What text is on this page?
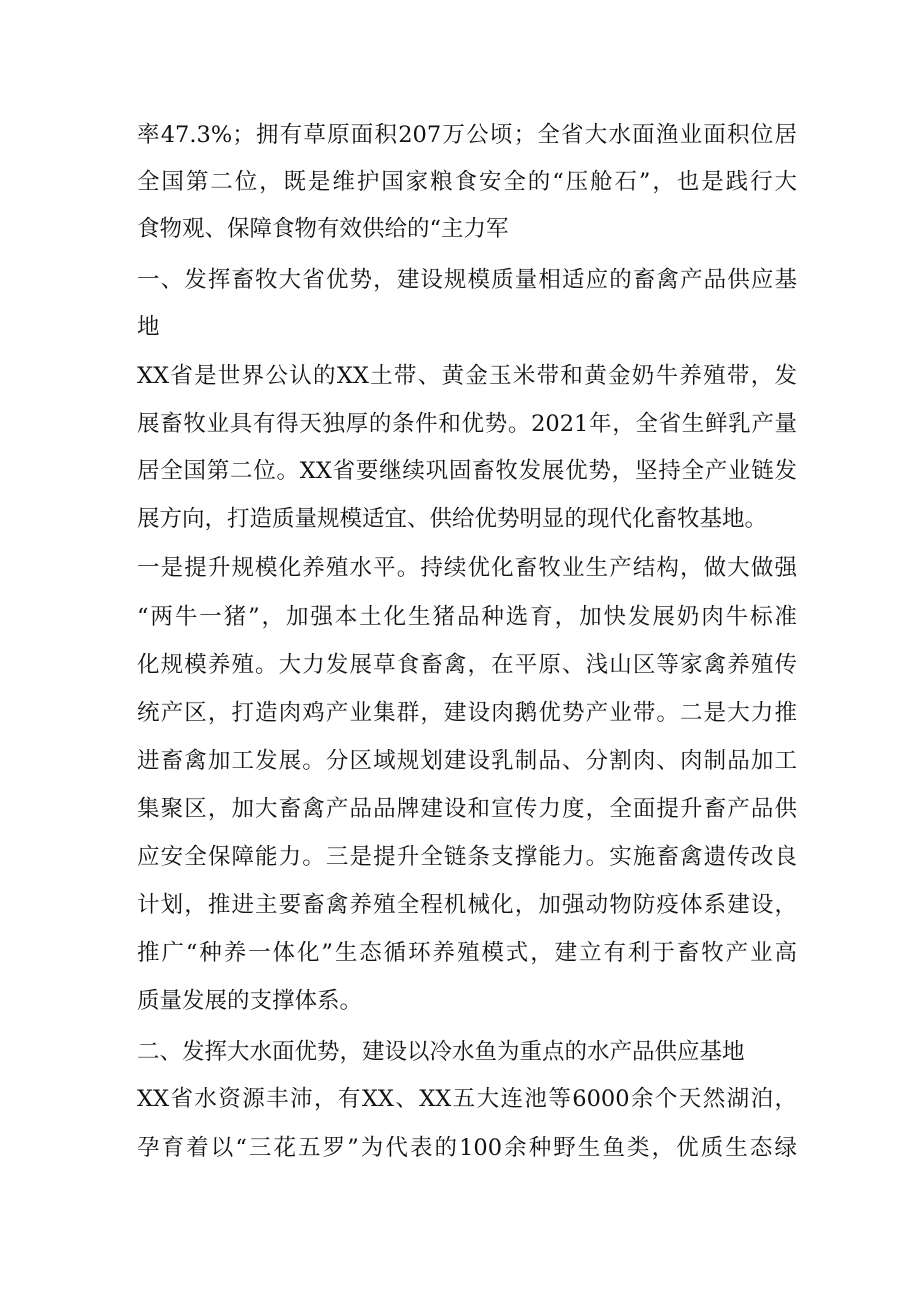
率47.3%；拥有草原面积207万公顷；全省大水面渔业面积位居
全国第二位，既是维护国家粮食安全的“压舱石”，也是践行大
食物观、保障食物有效供给的“主力军
一、发挥畜牧大省优势，建设规模质量相适应的畜禽产品供应基
地
XX省是世界公认的XX土带、黄金玉米带和黄金奶牛养殖带，发
展畜牧业具有得天独厚的条件和优势。2021年，全省生鲜乳产量
居全国第二位。XX省要继续巩固畜牧发展优势，坚持全产业链发
展方向，打造质量规模适宜、供给优势明显的现代化畜牧基地。
一是提升规模化养殖水平。持续优化畜牧业生产结构，做大做强
“两牛一猪”，加强本土化生猪品种选育，加快发展奶肉牛标准
化规模养殖。大力发展草食畜禽，在平原、浅山区等家禽养殖传
统产区，打造肉鸡产业集群，建设肉鹅优势产业带。二是大力推
进畜禽加工发展。分区域规划建设乳制品、分割肉、肉制品加工
集聚区，加大畜禽产品品牌建设和宣传力度，全面提升畜产品供
应安全保障能力。三是提升全链条支撑能力。实施畜禽遗传改良
计划，推进主要畜禽养殖全程机械化，加强动物防疫体系建设，
推广“种养一体化”生态循环养殖模式，建立有利于畜牧产业高
质量发展的支撑体系。
二、发挥大水面优势，建设以冷水鱼为重点的水产品供应基地
XX省水资源丰沛，有XX、XX五大连池等6000余个天然湖泊，
孕育着以“三花五罗”为代表的100余种野生鱼类，优质生态绿
